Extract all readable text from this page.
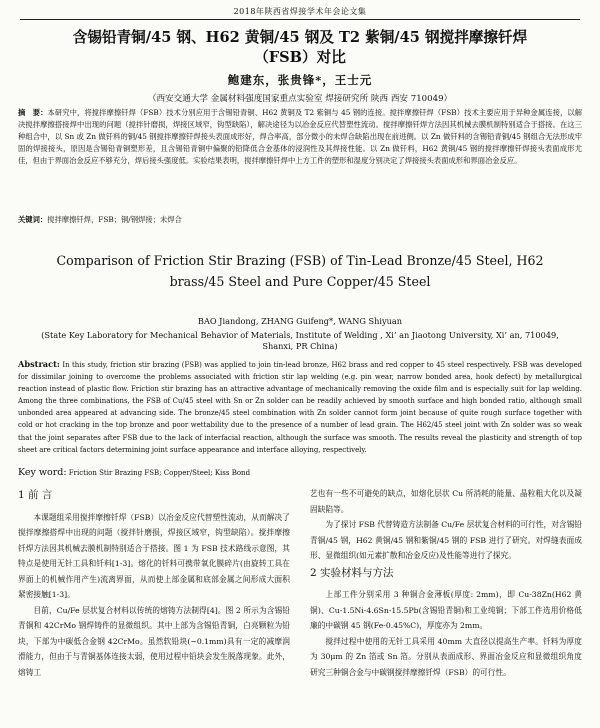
2018年陕西省焊接学术年会论文集
含锡铅青铜/45 钢、H62 黄铜/45 钢及 T2 紫铜/45 钢搅拌摩擦钎焊
（FSB）对比
鲍建东，张贵锋*，王士元
（西安交通大学 金属材料强度国家重点实验室 焊接研究所 陕西 西安 710049）
摘　要：本研究中，将搅拌摩擦钎焊（FSB）技术分别应用于含锡铅青铜、H62 黄铜及 T2 紫铜与 45 钢的连接。搅拌摩擦钎焊（FSB）技术主要应用于异种金属连接，以解决搅拌摩擦搭接焊中出现的问题（搅拌针磨损，焊接区域窄，钩型缺陷），解决途径为以冶金反应代替塑性流动。搅拌摩擦钎焊方法因其机械去膜机制特别适合于搭接。在这三种组合中，以 Sn 或 Zn 做钎料的铜/45 钢搅拌摩擦钎焊接头表面成形好，焊合率高，部分微小的未焊合缺陷出现在前进侧。以 Zn 做钎料的含锡铅青铜/45 钢组合无法形成牢固的焊接接头，原因是含锡铅青铜塑形差，且含锡铅青铜中偏聚的铅降低合金基体的浸润性及其焊接性能。以 Zn 做钎料，H62 黄铜/45 钢的搅拌摩擦钎焊接头表面成形尤佳，但由于界面冶金反应不够充分，焊后接头强度低。实验结果表明，搅拌摩擦钎焊中上方工件的塑形和湿度分别决定了焊接接头表面成形和界面冶金反应。
关键词：搅拌摩擦钎焊，FSB；铜/钢焊接；未焊合
Comparison of Friction Stir Brazing (FSB) of Tin-Lead Bronze/45 Steel, H62 brass/45 Steel and Pure Copper/45 Steel
BAO Jiandong, ZHANG Guifeng*, WANG Shiyuan
(State Key Laboratory for Mechanical Behavior of Materials, Institute of Welding , Xi’ an Jiaotong University, Xi’ an, 710049, Shanxi, PR China)
Abstract: In this study, friction stir brazing (FSB) was applied to join tin-lead bronze, H62 brass and red copper to 45 steel respectively. FSB was developed for dissimilar joining to overcome the problems associated with friction stir lap welding (e.g. pin wear, narrow bonded area, hook defect) by metallurgical reaction instead of plastic flow. Friction stir brazing has an attractive advantage of mechanically removing the oxide film and is especially suit for lap welding. Among the three combinations, the FSB of Cu/45 steel with Sn or Zn solder can be readily achieved by smooth surface and high bonded ratio, although small unbonded area appeared at advancing side. The bronze/45 steel combination with Zn solder cannot form joint because of quite rough surface together with cold or hot cracking in the top bronze and poor wettability due to the presence of a number of lead grain. The H62/45 steel joint with Zn solder was so weak that the joint separates after FSB due to the lack of interfacial reaction, although the surface was smooth. The results reveal the plasticity and strength of top sheet are critical factors determining joint surface appearance and interface alloying, respectively.
Key word: Friction Stir Brazing FSB; Copper/Steel; Kiss Bond
1 前 言
本课题组采用搅拌摩擦钎焊（FSB）以冶金反应代替塑性流动，从而解决了搅拌摩擦搭焊中出现的问题（搅拌针磨损，焊接区域窄，钩型缺陷）。搅拌摩擦钎焊方法因其机械去膜机制特别适合于搭接。图 1 为 FSB 技术路线示意图，其特点是使用无针工具和钎料[1-3]。熔化的钎料可携带氧化膜碎片(由旋转工具在界面上的机械作用产生)流离界面，从而使上部金属和底部金属之间形成大面积紧密接触[1-3]。
目前，Cu/Fe 层状复合材料以传统的熔铸方法制得[4]。图 2 所示为含锡铅青铜和 42CrMo 钢焊铸件的显微组织。其中上部为含锡铅青铜，白亮颗粒为铅块，下部为中碳低合金钢 42CrMo。虽然软铅块(~0.1mm)具有一定的减摩润滑能力，但由于与青铜基体连接太弱，使用过程中铅块会发生脱落现象。此外，熔铸工
艺也有一些不可避免的缺点，如熔化层状 Cu 所消耗的能量、晶粒粗大化以及凝固缺陷等。
为了探讨 FSB 代替铸造方法制备 Cu/Fe 层状复合材料的可行性，对含锡铅青铜/45 钢，H62 黄铜/45 钢和紫铜/45 钢的 FSB 进行了研究。对焊缝表面成形、显微组织(如元素扩散和冶金反应)及性能等进行了探究。
2 实验材料与方法
上部工件分别采用 3 种铜合金薄板(厚度: 2mm)，即 Cu-38Zn(H62 黄铜)、Cu-1.5Ni-4.6Sn-15.5Pb(含锡铅青铜)和工业纯铜；下部工件选用价格低廉的中碳钢 45 钢(Fe-0.45%C)，厚度亦为 2mm。
搅拌过程中使用的无针工具采用 40mm 大直径以提高生产率。钎料为厚度为 30μm 的 Zn 箔或 Sn 箔。分别从表面成形、界面冶金反应和显微组织角度研究三种铜合金与中碳钢搅拌摩擦钎焊（FSB）的可行性。
